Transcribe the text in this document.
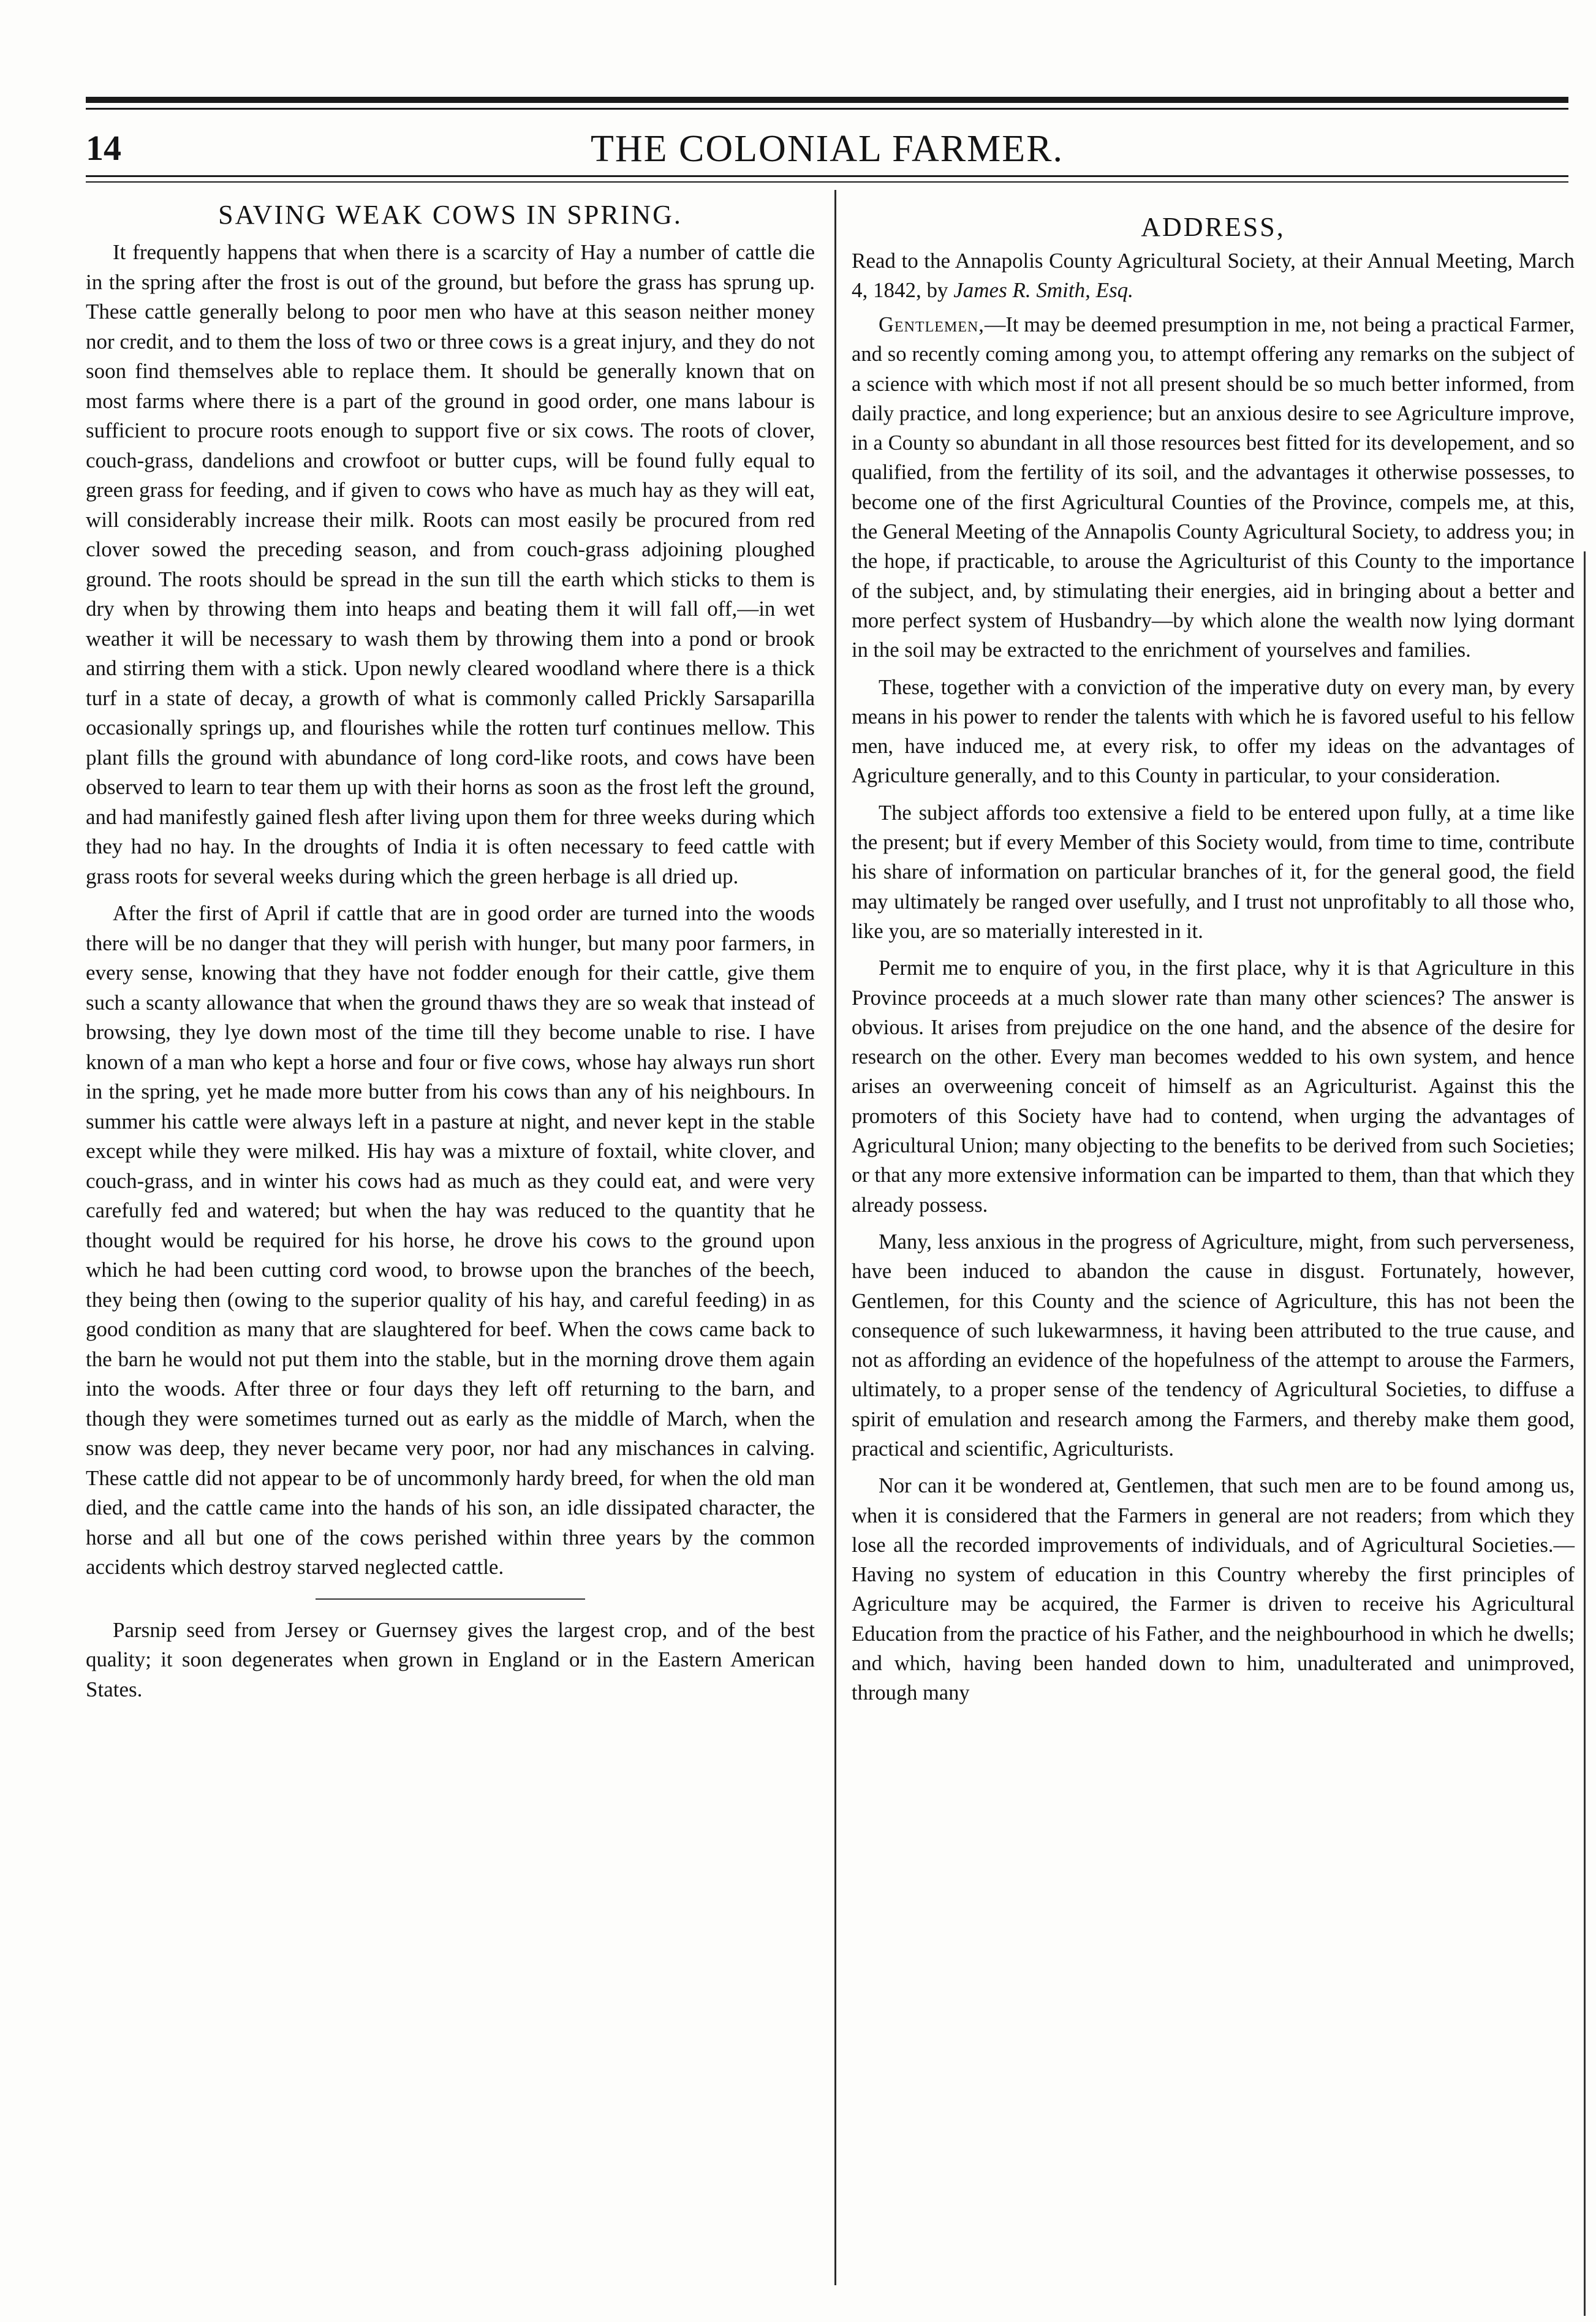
14	THE COLONIAL FARMER.
SAVING WEAK COWS IN SPRING.

It frequently happens that when there is a scarcity of Hay a number of cattle die in the spring after the frost is out of the ground, but before the grass has sprung up. These cattle generally belong to poor men who have at this season neither money nor credit, and to them the loss of two or three cows is a great injury, and they do not soon find themselves able to replace them. It should be generally known that on most farms where there is a part of the ground in good order, one mans labour is sufficient to procure roots enough to support five or six cows. The roots of clover, couch-grass, dandelions and crowfoot or butter cups, will be found fully equal to green grass for feeding, and if given to cows who have as much hay as they will eat, will considerably increase their milk. Roots can most easily be procured from red clover sowed the preceding season, and from couch-grass adjoining ploughed ground. The roots should be spread in the sun till the earth which sticks to them is dry when by throwing them into heaps and beating them it will fall off,—in wet weather it will be necessary to wash them by throwing them into a pond or brook and stirring them with a stick. Upon newly cleared woodland where there is a thick turf in a state of decay, a growth of what is commonly called Prickly Sarsaparilla occasionally springs up, and flourishes while the rotten turf continues mellow. This plant fills the ground with abundance of long cord-like roots, and cows have been observed to learn to tear them up with their horns as soon as the frost left the ground, and had manifestly gained flesh after living upon them for three weeks during which they had no hay. In the droughts of India it is often necessary to feed cattle with grass roots for several weeks during which the green herbage is all dried up.

After the first of April if cattle that are in good order are turned into the woods there will be no danger that they will perish with hunger, but many poor farmers, in every sense, knowing that they have not fodder enough for their cattle, give them such a scanty allowance that when the ground thaws they are so weak that instead of browsing, they lye down most of the time till they become unable to rise. I have known of a man who kept a horse and four or five cows, whose hay always run short in the spring, yet he made more butter from his cows than any of his neighbours. In summer his cattle were always left in a pasture at night, and never kept in the stable except while they were milked. His hay was a mixture of foxtail, white clover, and couch-grass, and in winter his cows had as much as they could eat, and were very carefully fed and watered; but when the hay was reduced to the quantity that he thought would be required for his horse, he drove his cows to the ground upon which he had been cutting cord wood, to browse upon the branches of the beech, they being then (owing to the superior quality of his hay, and careful feeding) in as good condition as many that are slaughtered for beef. When the cows came back to the barn he would not put them into the stable, but in the morning drove them again into the woods. After three or four days they left off returning to the barn, and though they were sometimes turned out as early as the middle of March, when the snow was deep, they never became very poor, nor had any mischances in calving. These cattle did not appear to be of uncommonly hardy breed, for when the old man died, and the cattle came into the hands of his son, an idle dissipated character, the horse and all but one of the cows perished within three years by the common accidents which destroy starved neglected cattle.

Parsnip seed from Jersey or Guernsey gives the largest crop, and of the best quality; it soon degenerates when grown in England or in the Eastern American States.

ADDRESS,
Read to the Annapolis County Agricultural Society, at their Annual Meeting, March 4, 1842, by James R. Smith, Esq.

Gentlemen,—It may be deemed presumption in me, not being a practical Farmer, and so recently coming among you, to attempt offering any remarks on the subject of a science with which most if not all present should be so much better informed, from daily practice, and long experience; but an anxious desire to see Agriculture improve, in a County so abundant in all those resources best fitted for its developement, and so qualified, from the fertility of its soil, and the advantages it otherwise possesses, to become one of the first Agricultural Counties of the Province, compels me, at this, the General Meeting of the Annapolis County Agricultural Society, to address you; in the hope, if practicable, to arouse the Agriculturist of this County to the importance of the subject, and, by stimulating their energies, aid in bringing about a better and more perfect system of Husbandry—by which alone the wealth now lying dormant in the soil may be extracted to the enrichment of yourselves and families.

These, together with a conviction of the imperative duty on every man, by every means in his power to render the talents with which he is favored useful to his fellow men, have induced me, at every risk, to offer my ideas on the advantages of Agriculture generally, and to this County in particular, to your consideration.

The subject affords too extensive a field to be entered upon fully, at a time like the present; but if every Member of this Society would, from time to time, contribute his share of information on particular branches of it, for the general good, the field may ultimately be ranged over usefully, and I trust not unprofitably to all those who, like you, are so materially interested in it.

Permit me to enquire of you, in the first place, why it is that Agriculture in this Province proceeds at a much slower rate than many other sciences? The answer is obvious. It arises from prejudice on the one hand, and the absence of the desire for research on the other. Every man becomes wedded to his own system, and hence arises an overweening conceit of himself as an Agriculturist. Against this the promoters of this Society have had to contend, when urging the advantages of Agricultural Union; many objecting to the benefits to be derived from such Societies; or that any more extensive information can be imparted to them, than that which they already possess.

Many, less anxious in the progress of Agriculture, might, from such perverseness, have been induced to abandon the cause in disgust. Fortunately, however, Gentlemen, for this County and the science of Agriculture, this has not been the consequence of such lukewarmness, it having been attributed to the true cause, and not as affording an evidence of the hopefulness of the attempt to arouse the Farmers, ultimately, to a proper sense of the tendency of Agricultural Societies, to diffuse a spirit of emulation and research among the Farmers, and thereby make them good, practical and scientific, Agriculturists.

Nor can it be wondered at, Gentlemen, that such men are to be found among us, when it is considered that the Farmers in general are not readers; from which they lose all the recorded improvements of individuals, and of Agricultural Societies.—Having no system of education in this Country whereby the first principles of Agriculture may be acquired, the Farmer is driven to receive his Agricultural Education from the practice of his Father, and the neighbourhood in which he dwells; and which, having been handed down to him, unadulterated and unimproved, through many
